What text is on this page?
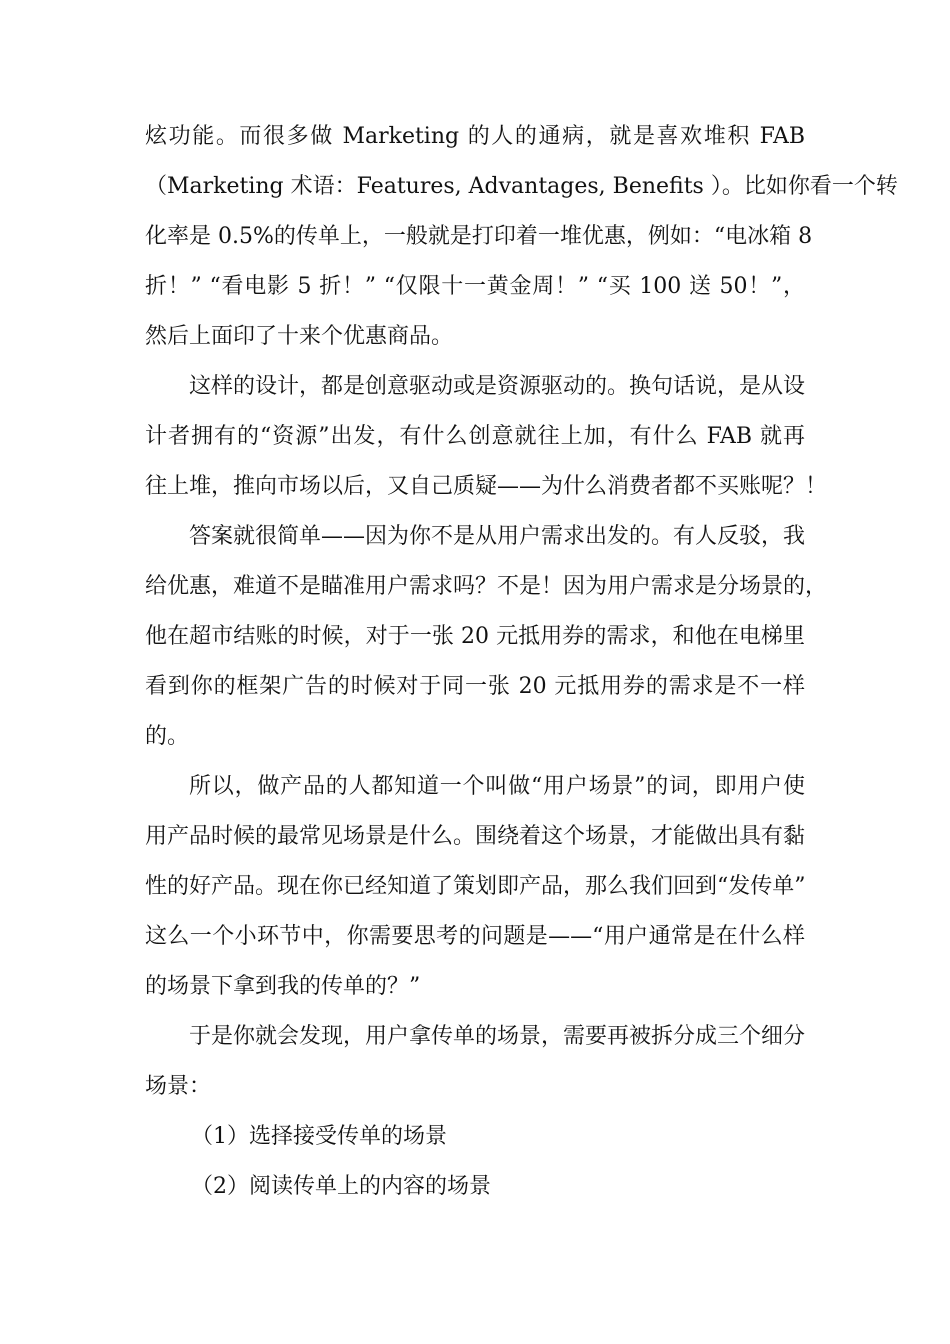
炫功能。而很多做 Marketing 的人的通病，就是喜欢堆积 FAB
（Marketing 术语：Features, Advantages, Benefits ）。比如你看一个转
化率是 0.5%的传单上，一般就是打印着一堆优惠，例如：“电冰箱 8
折！” “看电影 5 折！” “仅限十一黄金周！” “买 100 送 50！”，
然后上面印了十来个优惠商品。
这样的设计，都是创意驱动或是资源驱动的。换句话说，是从设
计者拥有的“资源”出发，有什么创意就往上加，有什么 FAB 就再
往上堆，推向市场以后，又自己质疑——为什么消费者都不买账呢？！
答案就很简单——因为你不是从用户需求出发的。有人反驳，我
给优惠，难道不是瞄准用户需求吗？不是！因为用户需求是分场景的，
他在超市结账的时候，对于一张 20 元抵用券的需求，和他在电梯里
看到你的框架广告的时候对于同一张 20 元抵用券的需求是不一样
的。
所以，做产品的人都知道一个叫做“用户场景”的词，即用户使
用产品时候的最常见场景是什么。围绕着这个场景，才能做出具有黏
性的好产品。现在你已经知道了策划即产品，那么我们回到“发传单”
这么一个小环节中，你需要思考的问题是——“用户通常是在什么样
的场景下拿到我的传单的？”
于是你就会发现，用户拿传单的场景，需要再被拆分成三个细分
场景：
（1）选择接受传单的场景
（2）阅读传单上的内容的场景
